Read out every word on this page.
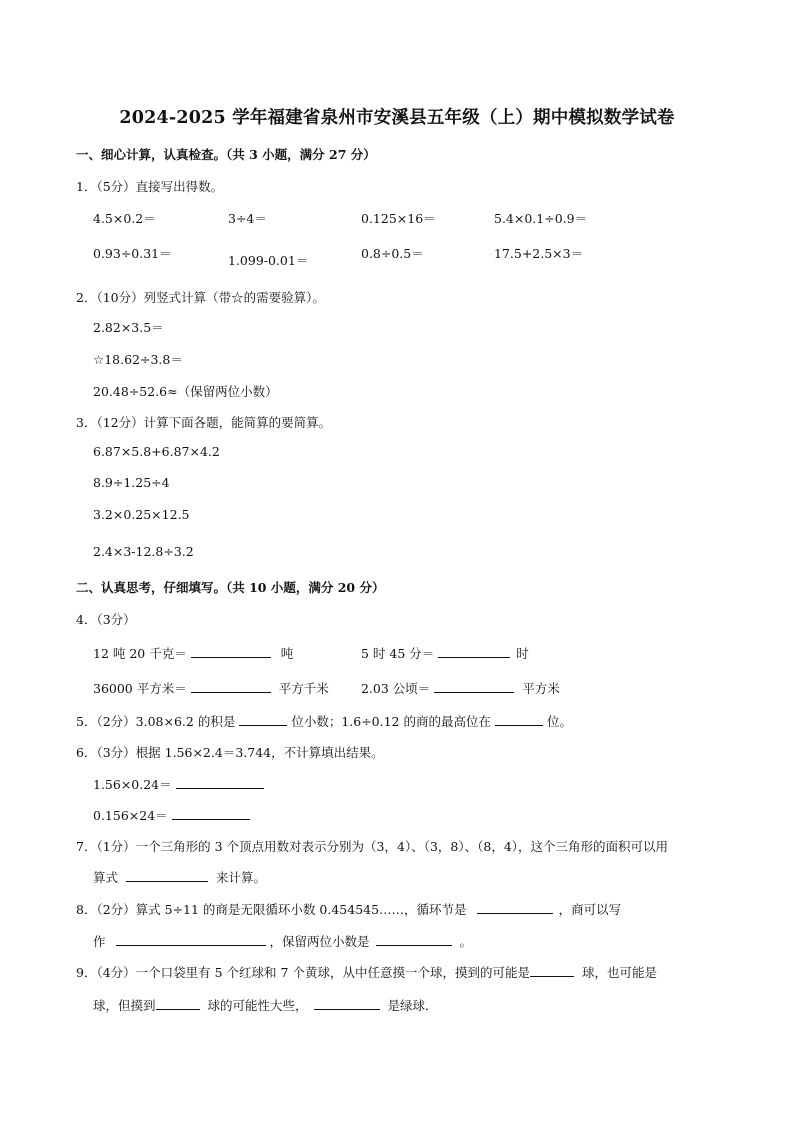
2024-2025 学年福建省泉州市安溪县五年级（上）期中模拟数学试卷
一、细心计算，认真检查。（共 3 小题，满分 27 分）
1．（5分）直接写出得数。
4.5×0.2＝	3÷4＝	0.125×16＝	5.4×0.1÷0.9＝
0.93÷0.31＝	1.099-0.01＝	0.8÷0.5＝	17.5+2.5×3＝
2．（10分）列竖式计算（带☆的需要验算）。
2.82×3.5＝
☆18.62÷3.8＝
20.48÷52.6≈（保留两位小数）
3．（12分）计算下面各题，能简算的要简算。
6.87×5.8+6.87×4.2
8.9÷1.25÷4
3.2×0.25×12.5
2.4×3-12.8÷3.2
二、认真思考，仔细填写。（共 10 小题，满分 20 分）
4．（3分）
12 吨 20 千克＝	吨	5 时 45 分＝	时
36000 平方米＝	平方千米	2.03 公顷＝	平方米
5．（2分）3.08×6.2 的积是	位小数；1.6÷0.12 的商的最高位在	位。
6．（3分）根据 1.56×2.4＝3.744，不计算填出结果。
1.56×0.24＝
0.156×24＝
7．（1分）一个三角形的 3 个顶点用数对表示分别为（3，4）、（3，8）、（8，4），这个三角形的面积可以用
算式	来计算。
8．（2分）算式 5÷11 的商是无限循环小数 0.454545……，循环节是	，商可以写
作	，保留两位小数是	。
9．（4分）一个口袋里有 5 个红球和 7 个黄球，从中任意摸一个球，摸到的可能是	球，也可能是
球，但摸到	球的可能性大些，	是绿球．
